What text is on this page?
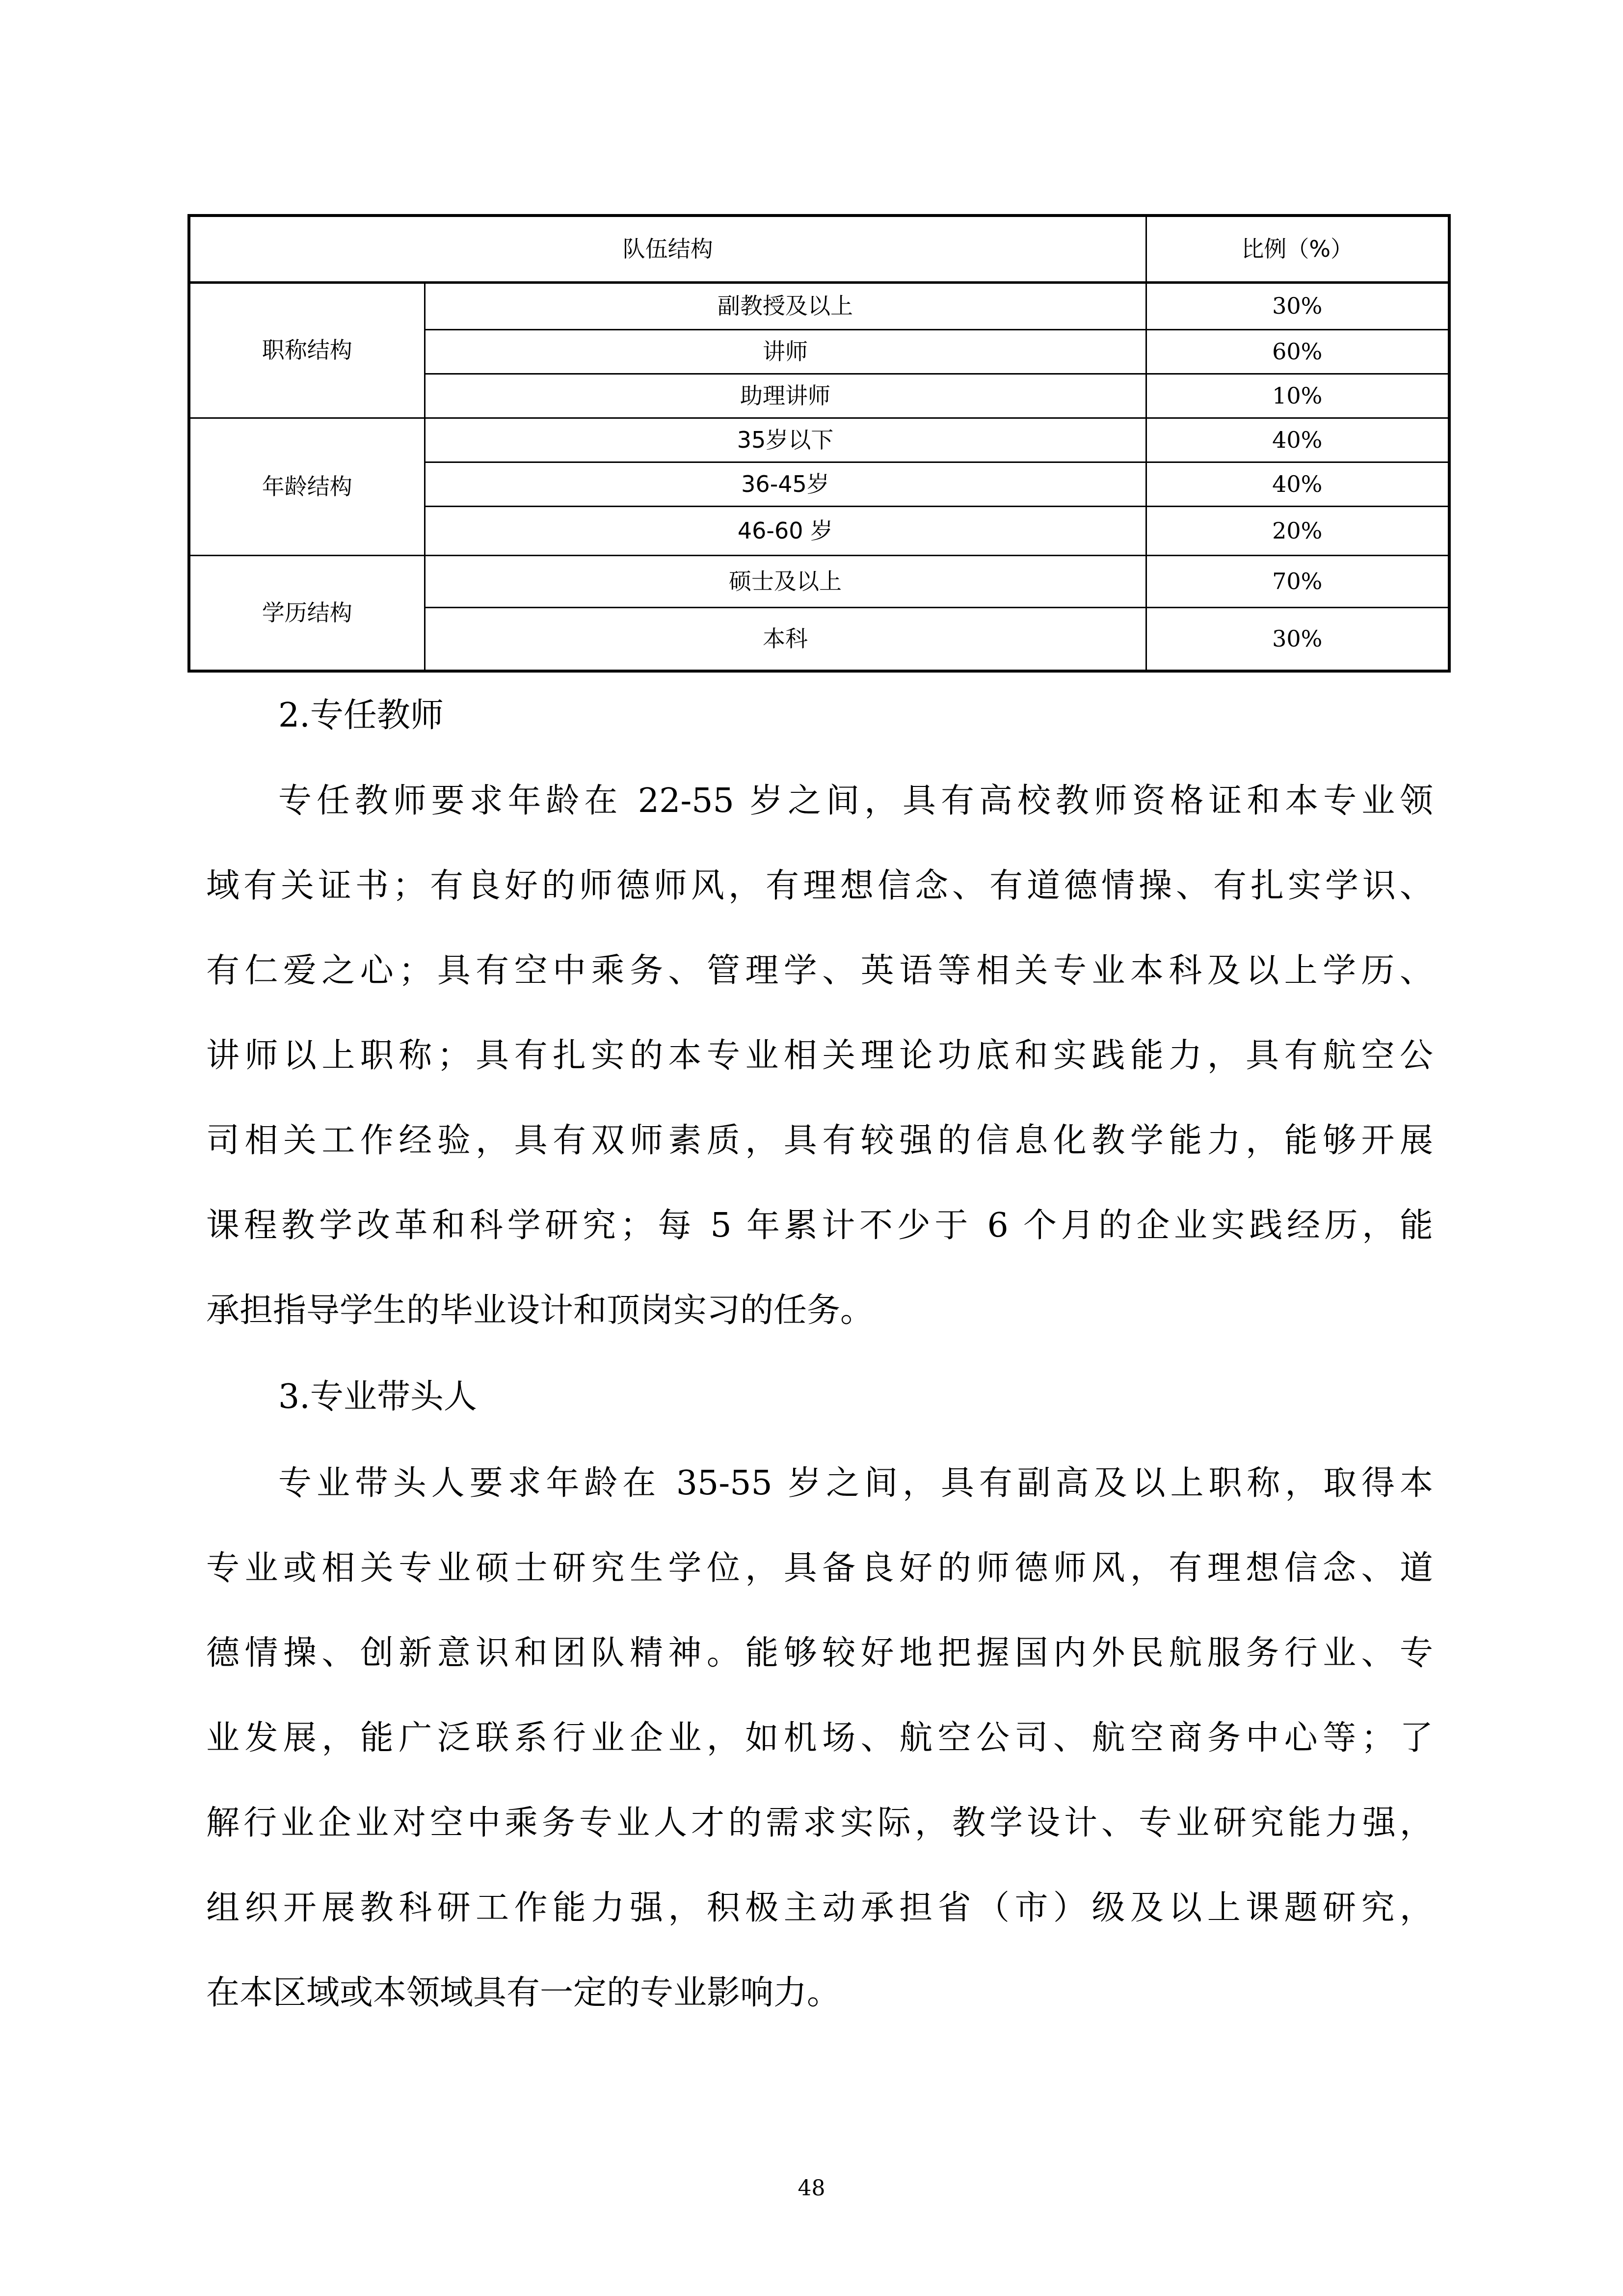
队伍结构		比例（%）
职称结构	副教授及以上	30%
	讲师	60%
	助理讲师	10%
年龄结构	35岁以下	40%
	36-45岁	40%
	46-60 岁	20%
学历结构	硕士及以上	70%
	本科	30%
2.专任教师
专任教师要求年龄在 22-55 岁之间，具有高校教师资格证和本专业领
域有关证书；有良好的师德师风，有理想信念、有道德情操、有扎实学识、
有仁爱之心；具有空中乘务、管理学、英语等相关专业本科及以上学历、
讲师以上职称；具有扎实的本专业相关理论功底和实践能力，具有航空公
司相关工作经验，具有双师素质，具有较强的信息化教学能力，能够开展
课程教学改革和科学研究；每 5 年累计不少于 6 个月的企业实践经历，能
承担指导学生的毕业设计和顶岗实习的任务。
3.专业带头人
专业带头人要求年龄在 35-55 岁之间，具有副高及以上职称，取得本
专业或相关专业硕士研究生学位，具备良好的师德师风，有理想信念、道
德情操、创新意识和团队精神。能够较好地把握国内外民航服务行业、专
业发展，能广泛联系行业企业，如机场、航空公司、航空商务中心等；了
解行业企业对空中乘务专业人才的需求实际，教学设计、专业研究能力强，
组织开展教科研工作能力强，积极主动承担省（市）级及以上课题研究，
在本区域或本领域具有一定的专业影响力。
48
